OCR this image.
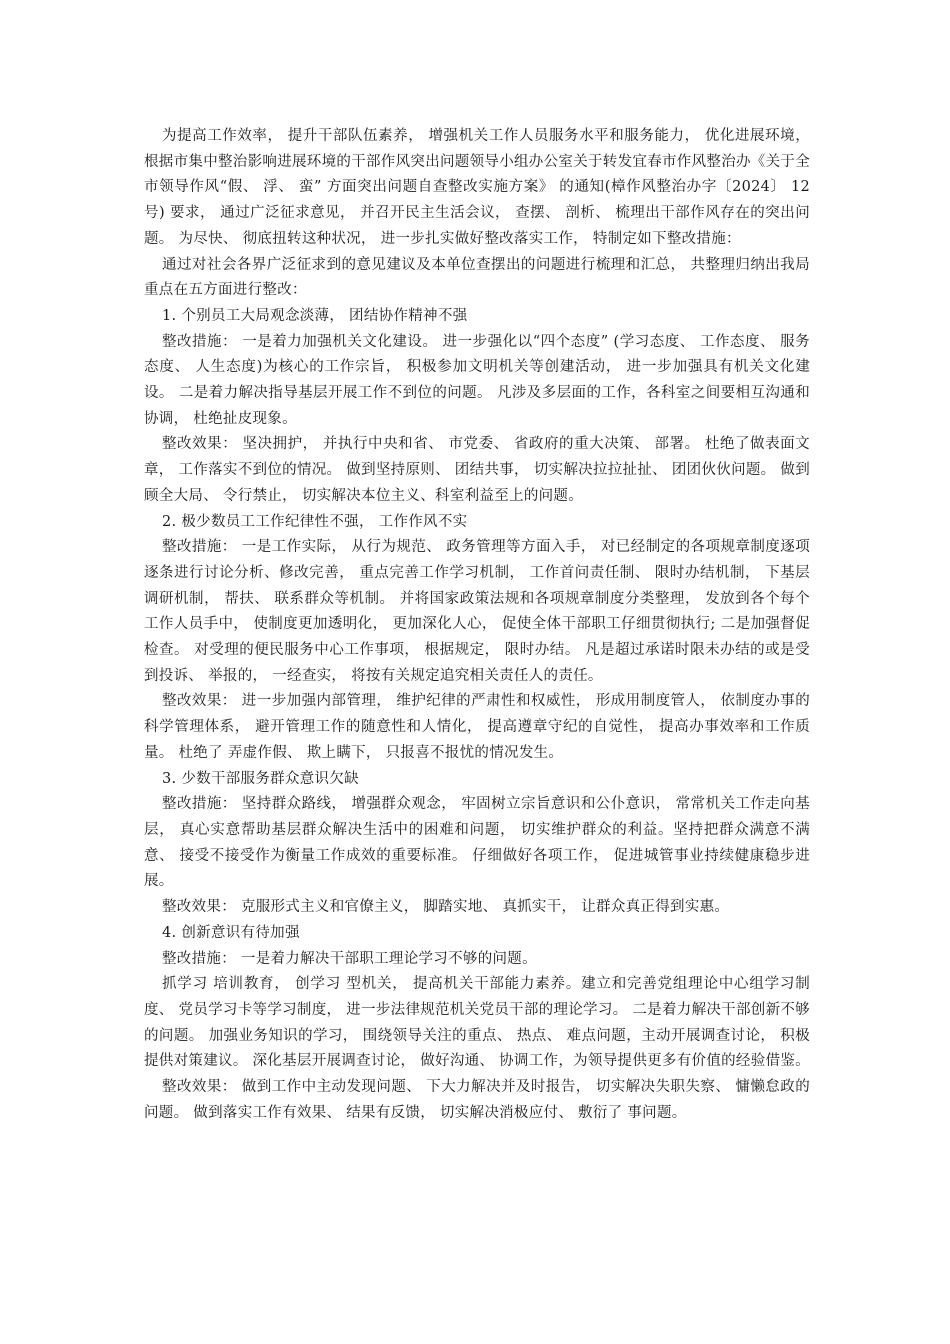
为提高工作效率， 提升干部队伍素养， 增强机关工作人员服务水平和服务能力， 优化进展环境， 根据市集中整治影响进展环境的干部作风突出问题领导小组办公室关于转发宜春市作风整治办《关于全市领导作风“假、 浮、 蛮” 方面突出问题自查整改实施方案》 的通知(樟作风整治办字〔2024〕 12 号) 要求， 通过广泛征求意见， 并召开民主生活会议， 查摆、 剖析、 梳理出干部作风存在的突出问题。 为尽快、 彻底扭转这种状况， 进一步扎实做好整改落实工作， 特制定如下整改措施：

通过对社会各界广泛征求到的意见建议及本单位查摆出的问题进行梳理和汇总， 共整理归纳出我局重点在五方面进行整改：

1. 个别员工大局观念淡薄， 团结协作精神不强

整改措施： 一是着力加强机关文化建设。 进一步强化以“四个态度” (学习态度、 工作态度、 服务态度、 人生态度)为核心的工作宗旨， 积极参加文明机关等创建活动， 进一步加强具有机关文化建设。 二是着力解决指导基层开展工作不到位的问题。 凡涉及多层面的工作，各科室之间要相互沟通和协调， 杜绝扯皮现象。

整改效果： 坚决拥护， 并执行中央和省、 市党委、 省政府的重大决策、 部署。 杜绝了做表面文章， 工作落实不到位的情况。 做到坚持原则、 团结共事， 切实解决拉拉扯扯、 团团伙伙问题。 做到顾全大局、 令行禁止， 切实解决本位主义、科室利益至上的问题。

2. 极少数员工工作纪律性不强， 工作作风不实

整改措施： 一是工作实际， 从行为规范、 政务管理等方面入手， 对已经制定的各项规章制度逐项逐条进行讨论分析、修改完善， 重点完善工作学习机制， 工作首问责任制、 限时办结机制， 下基层调研机制， 帮扶、 联系群众等机制。 并将国家政策法规和各项规章制度分类整理， 发放到各个每个工作人员手中， 使制度更加透明化， 更加深化人心， 促使全体干部职工仔细贯彻执行; 二是加强督促检查。 对受理的便民服务中心工作事项， 根据规定， 限时办结。 凡是超过承诺时限未办结的或是受到投诉、 举报的， 一经查实， 将按有关规定追究相关责任人的责任。

整改效果： 进一步加强内部管理， 维护纪律的严肃性和权威性， 形成用制度管人， 依制度办事的科学管理体系， 避开管理工作的随意性和人情化， 提高遵章守纪的自觉性， 提高办事效率和工作质量。 杜绝了 弄虚作假、 欺上瞒下， 只报喜不报忧的情况发生。

3. 少数干部服务群众意识欠缺

整改措施： 坚持群众路线， 增强群众观念， 牢固树立宗旨意识和公仆意识， 常常机关工作走向基层， 真心实意帮助基层群众解决生活中的困难和问题， 切实维护群众的利益。坚持把群众满意不满意、 接受不接受作为衡量工作成效的重要标准。 仔细做好各项工作， 促进城管事业持续健康稳步进展。

整改效果： 克服形式主义和官僚主义， 脚踏实地、 真抓实干， 让群众真正得到实惠。

4. 创新意识有待加强

整改措施： 一是着力解决干部职工理论学习不够的问题。

抓学习 培训教育， 创学习 型机关， 提高机关干部能力素养。建立和完善党组理论中心组学习制度、 党员学习卡等学习制度， 进一步法律规范机关党员干部的理论学习。 二是着力解决干部创新不够的问题。 加强业务知识的学习， 围绕领导关注的重点、 热点、 难点问题，主动开展调查讨论， 积极提供对策建议。 深化基层开展调查讨论， 做好沟通、 协调工作，为领导提供更多有价值的经验借鉴。

整改效果： 做到工作中主动发现问题、 下大力解决并及时报告， 切实解决失职失察、 慵懒怠政的问题。 做到落实工作有效果、 结果有反馈， 切实解决消极应付、 敷衍了 事问题。
